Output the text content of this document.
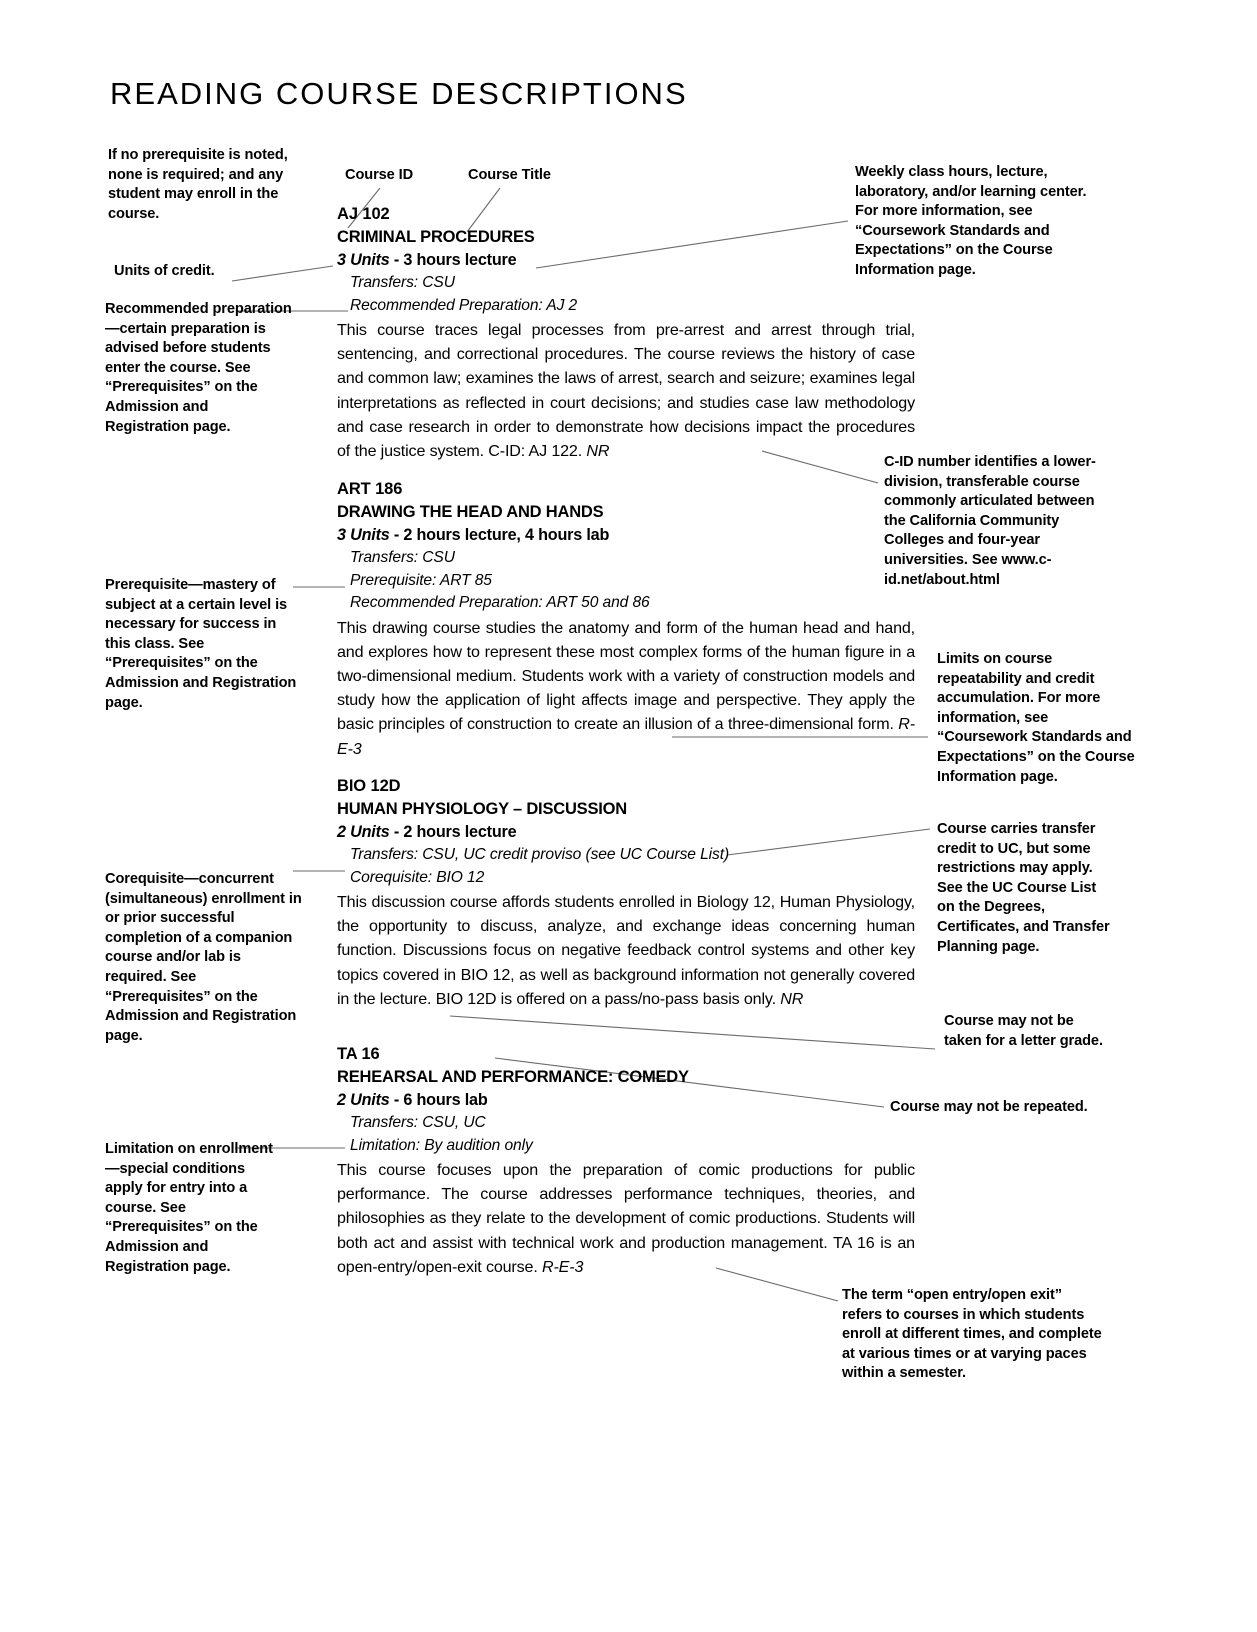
READING COURSE DESCRIPTIONS
Course ID	Course Title
If no prerequisite is noted, none is required; and any student may enroll in the course.
Units of credit.
Recommended preparation—certain preparation is advised before students enter the course. See “Prerequisites” on the Admission and Registration page.
Prerequisite—mastery of subject at a certain level is necessary for success in this class. See “Prerequisites” on the Admission and Registration page.
Corequisite—concurrent (simultaneous) enrollment in or prior successful completion of a companion course and/or lab is required. See “Prerequisites” on the Admission and Registration page.
Limitation on enrollment—special conditions apply for entry into a course. See “Prerequisites” on the Admission and Registration page.
Weekly class hours, lecture, laboratory, and/or learning center. For more information, see “Coursework Standards and Expectations” on the Course Information page.
C-ID number identifies a lower-division, transferable course commonly articulated between the California Community Colleges and four-year universities. See www.c-id.net/about.html
Limits on course repeatability and credit accumulation. For more information, see “Coursework Standards and Expectations” on the Course Information page.
Course carries transfer credit to UC, but some restrictions may apply. See the UC Course List on the Degrees, Certificates, and Transfer Planning page.
Course may not be taken for a letter grade.
Course may not be repeated.
The term “open entry/open exit” refers to courses in which students enroll at different times, and complete at various times or at varying paces within a semester.
AJ 102
CRIMINAL PROCEDURES
3 Units - 3 hours lecture
Transfers: CSU
Recommended Preparation: AJ 2
This course traces legal processes from pre-arrest and arrest through trial, sentencing, and correctional procedures. The course reviews the history of case and common law; examines the laws of arrest, search and seizure; examines legal interpretations as reflected in court decisions; and studies case law methodology and case research in order to demonstrate how decisions impact the procedures of the justice system. C-ID: AJ 122. NR
ART 186
DRAWING THE HEAD AND HANDS
3 Units - 2 hours lecture, 4 hours lab
Transfers: CSU
Prerequisite: ART 85
Recommended Preparation: ART 50 and 86
This drawing course studies the anatomy and form of the human head and hand, and explores how to represent these most complex forms of the human figure in a two-dimensional medium. Students work with a variety of construction models and study how the application of light affects image and perspective. They apply the basic principles of construction to create an illusion of a three-dimensional form. R-E-3
BIO 12D
HUMAN PHYSIOLOGY – DISCUSSION
2 Units - 2 hours lecture
Transfers: CSU, UC credit proviso (see UC Course List)
Corequisite: BIO 12
This discussion course affords students enrolled in Biology 12, Human Physiology, the opportunity to discuss, analyze, and exchange ideas concerning human function. Discussions focus on negative feedback control systems and other key topics covered in BIO 12, as well as background information not generally covered in the lecture. BIO 12D is offered on a pass/no-pass basis only. NR
TA 16
REHEARSAL AND PERFORMANCE: COMEDY
2 Units - 6 hours lab
Transfers: CSU, UC
Limitation: By audition only
This course focuses upon the preparation of comic productions for public performance. The course addresses performance techniques, theories, and philosophies as they relate to the development of comic productions. Students will both act and assist with technical work and production management. TA 16 is an open-entry/open-exit course. R-E-3
